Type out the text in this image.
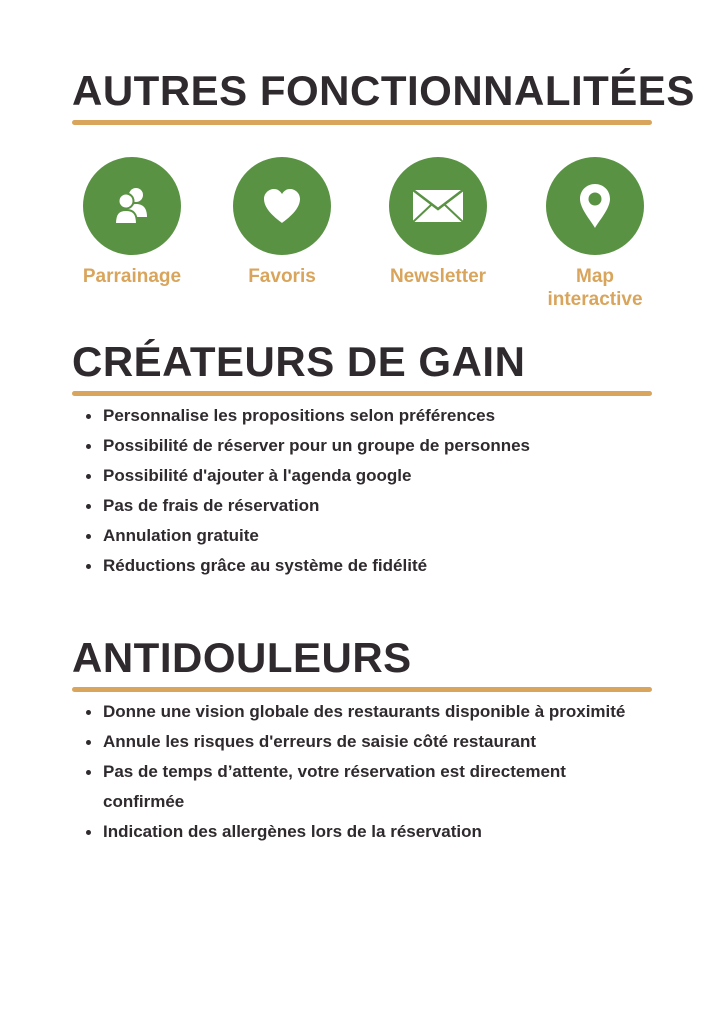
AUTRES FONCTIONNALITÉES
Parrainage	Favoris	Newsletter	Map interactive
CRÉATEURS DE GAIN
Personnalise les propositions selon préférences
Possibilité de réserver pour un groupe de personnes
Possibilité d'ajouter à l'agenda google
Pas de frais de réservation
Annulation gratuite
Réductions grâce au système de fidélité
ANTIDOULEURS
Donne une vision globale des restaurants disponible à proximité
Annule les risques d'erreurs de saisie côté restaurant
Pas de temps d’attente, votre réservation est directement confirmée
Indication des allergènes lors de la réservation
